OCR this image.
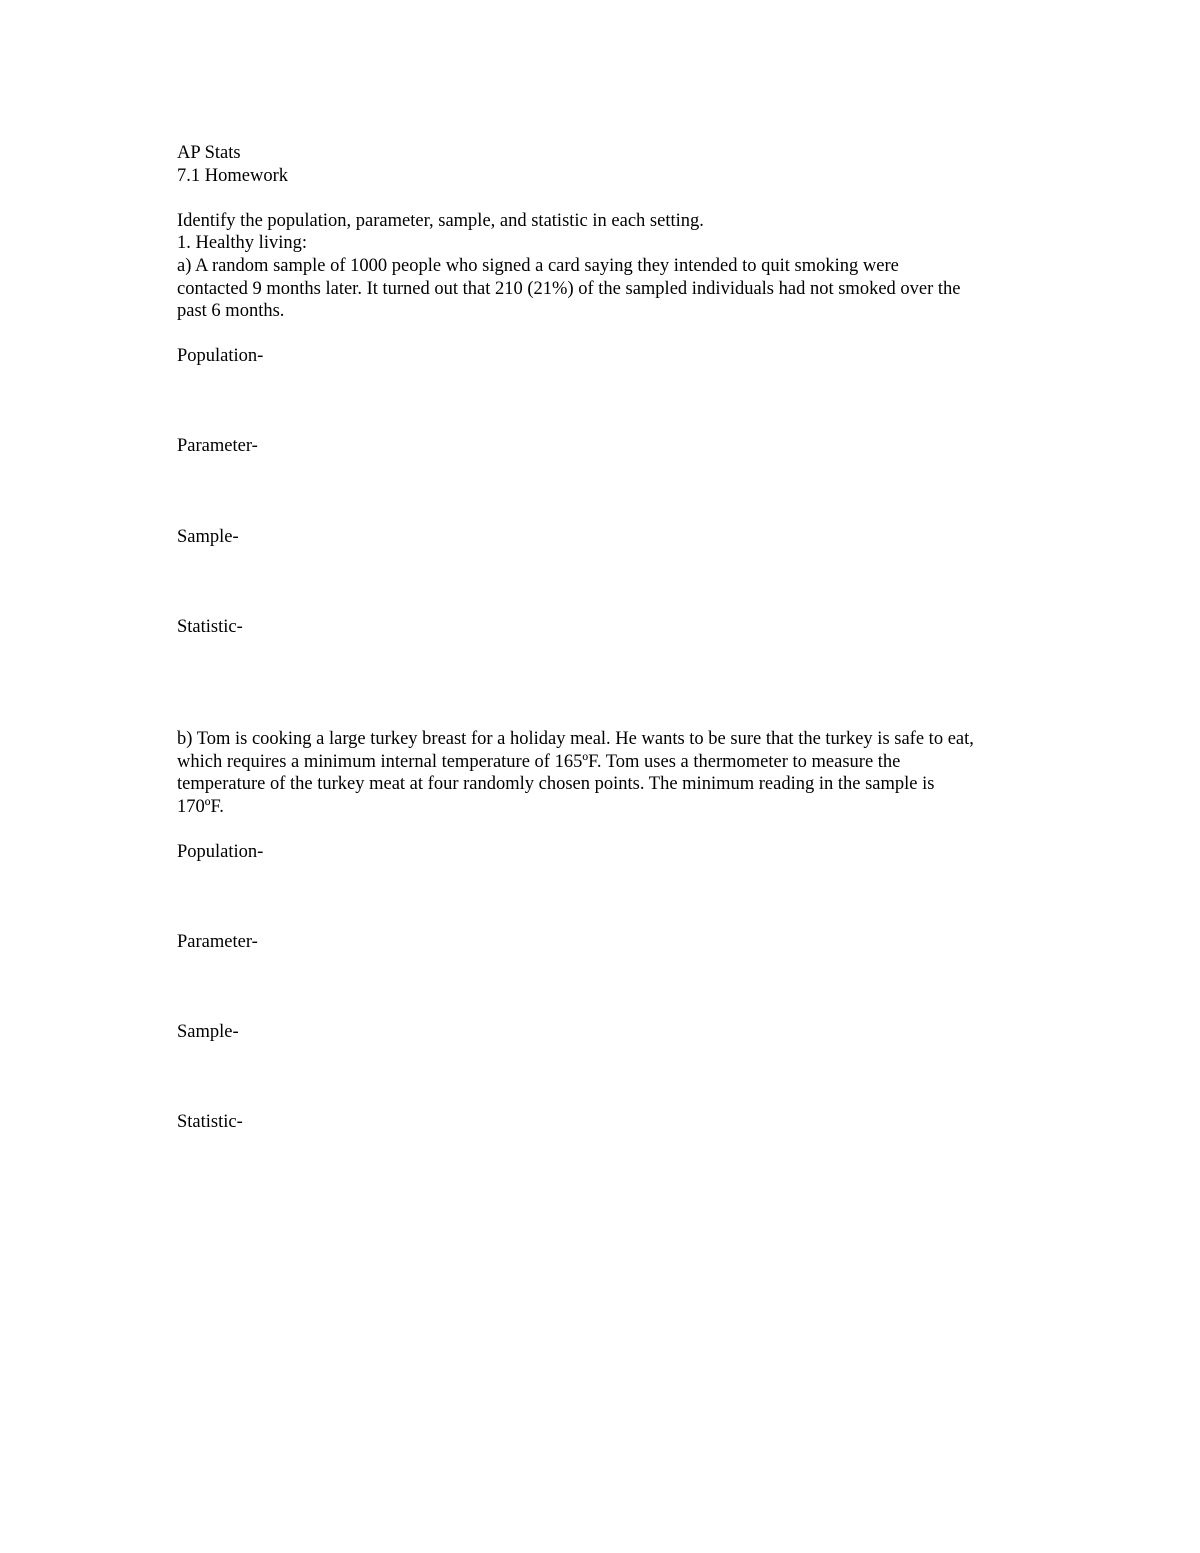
AP Stats
7.1 Homework
Identify the population, parameter, sample, and statistic in each setting.
1. Healthy living:
a) A random sample of 1000 people who signed a card saying they intended to quit smoking were
contacted 9 months later. It turned out that 210 (21%) of the sampled individuals had not smoked over the
past 6 months.
Population-
Parameter-
Sample-
Statistic-
b) Tom is cooking a large turkey breast for a holiday meal. He wants to be sure that the turkey is safe to eat,
which requires a minimum internal temperature of 165ºF. Tom uses a thermometer to measure the
temperature of the turkey meat at four randomly chosen points. The minimum reading in the sample is
170ºF.
Population-
Parameter-
Sample-
Statistic-
